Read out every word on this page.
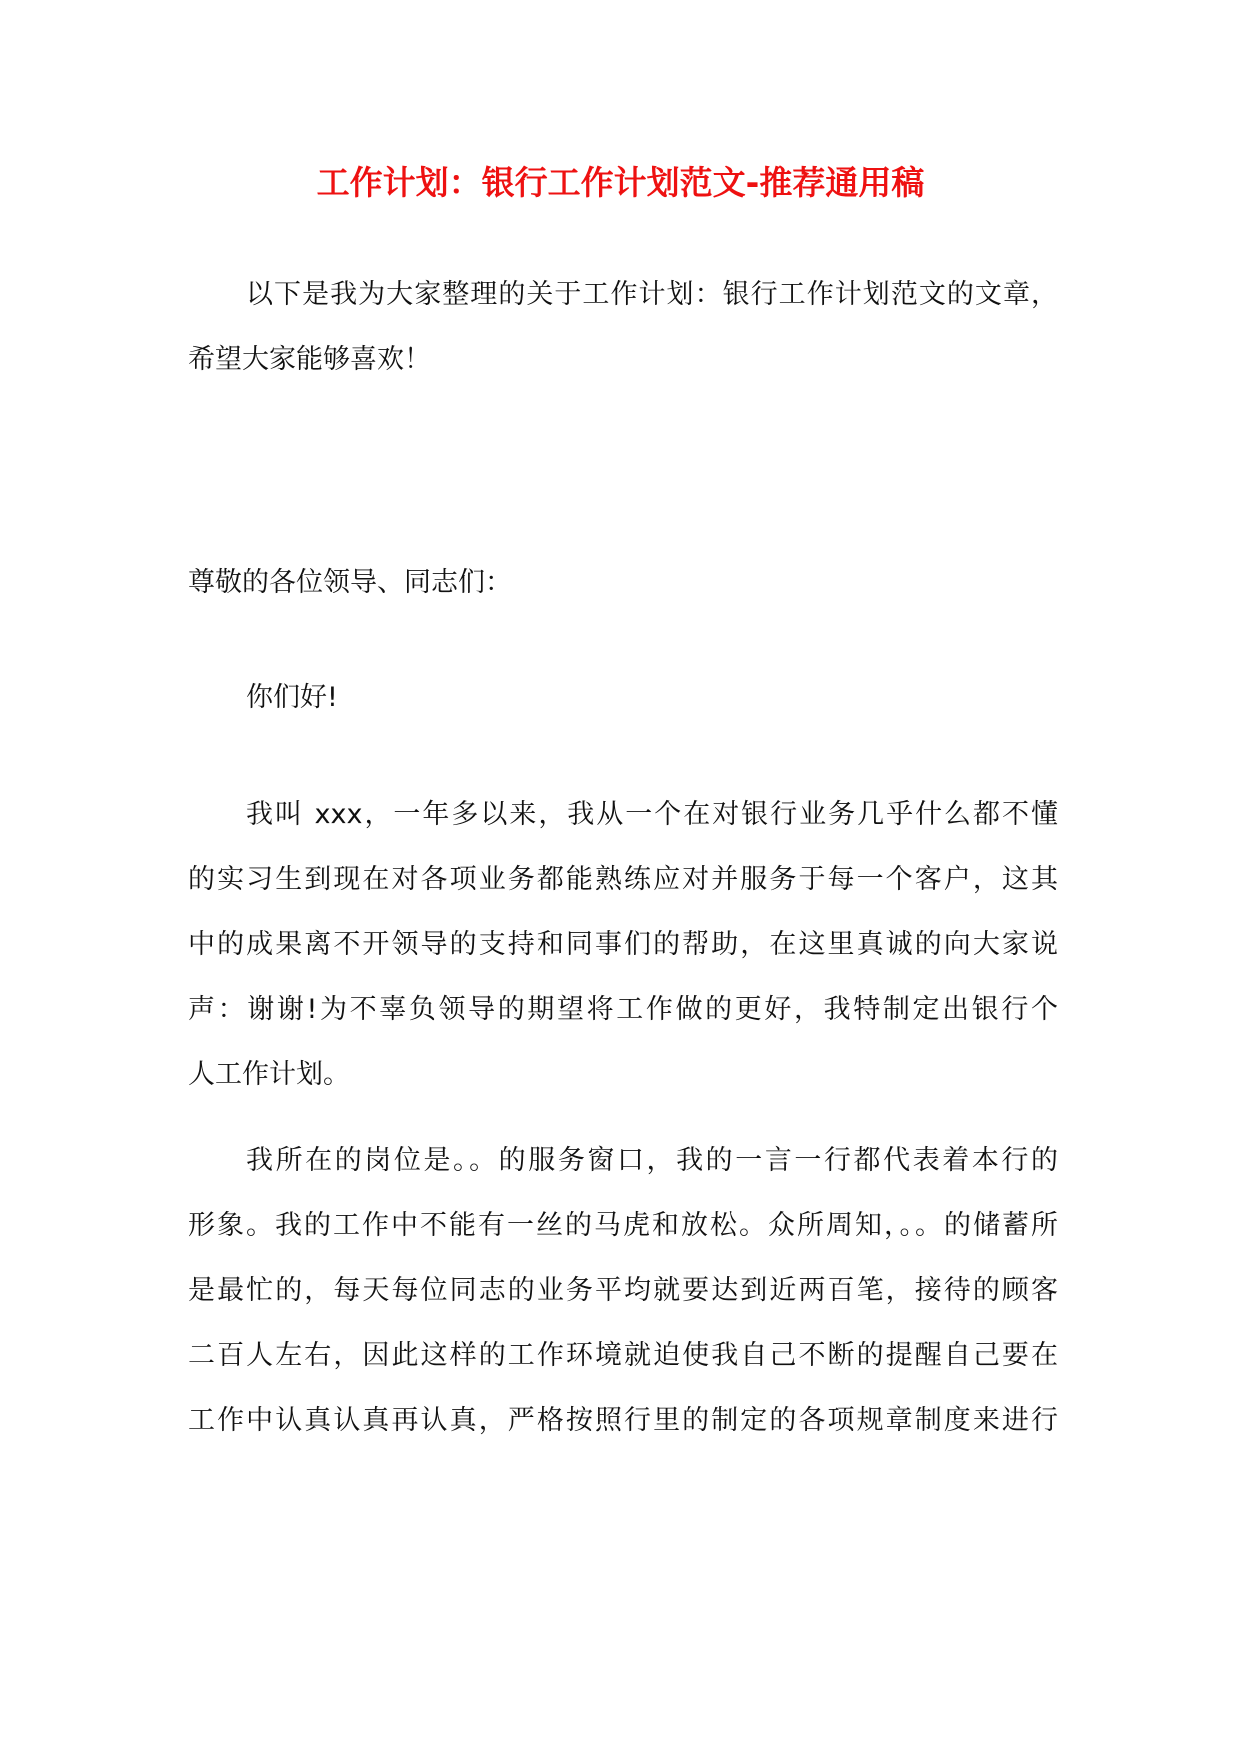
工作计划：银行工作计划范文-推荐通用稿
以下是我为大家整理的关于工作计划：银行工作计划范文的文章，
希望大家能够喜欢！
尊敬的各位领导、同志们：
你们好!
我叫 xxx，一年多以来，我从一个在对银行业务几乎什么都不懂
的实习生到现在对各项业务都能熟练应对并服务于每一个客户，这其
中的成果离不开领导的支持和同事们的帮助，在这里真诚的向大家说
声：谢谢!为不辜负领导的期望将工作做的更好，我特制定出银行个
人工作计划。
我所在的岗位是。。的服务窗口，我的一言一行都代表着本行的
形象。我的工作中不能有一丝的马虎和放松。众所周知，。。的储蓄所
是最忙的，每天每位同志的业务平均就要达到近两百笔，接待的顾客
二百人左右，因此这样的工作环境就迫使我自己不断的提醒自己要在
工作中认真认真再认真，严格按照行里的制定的各项规章制度来进行
